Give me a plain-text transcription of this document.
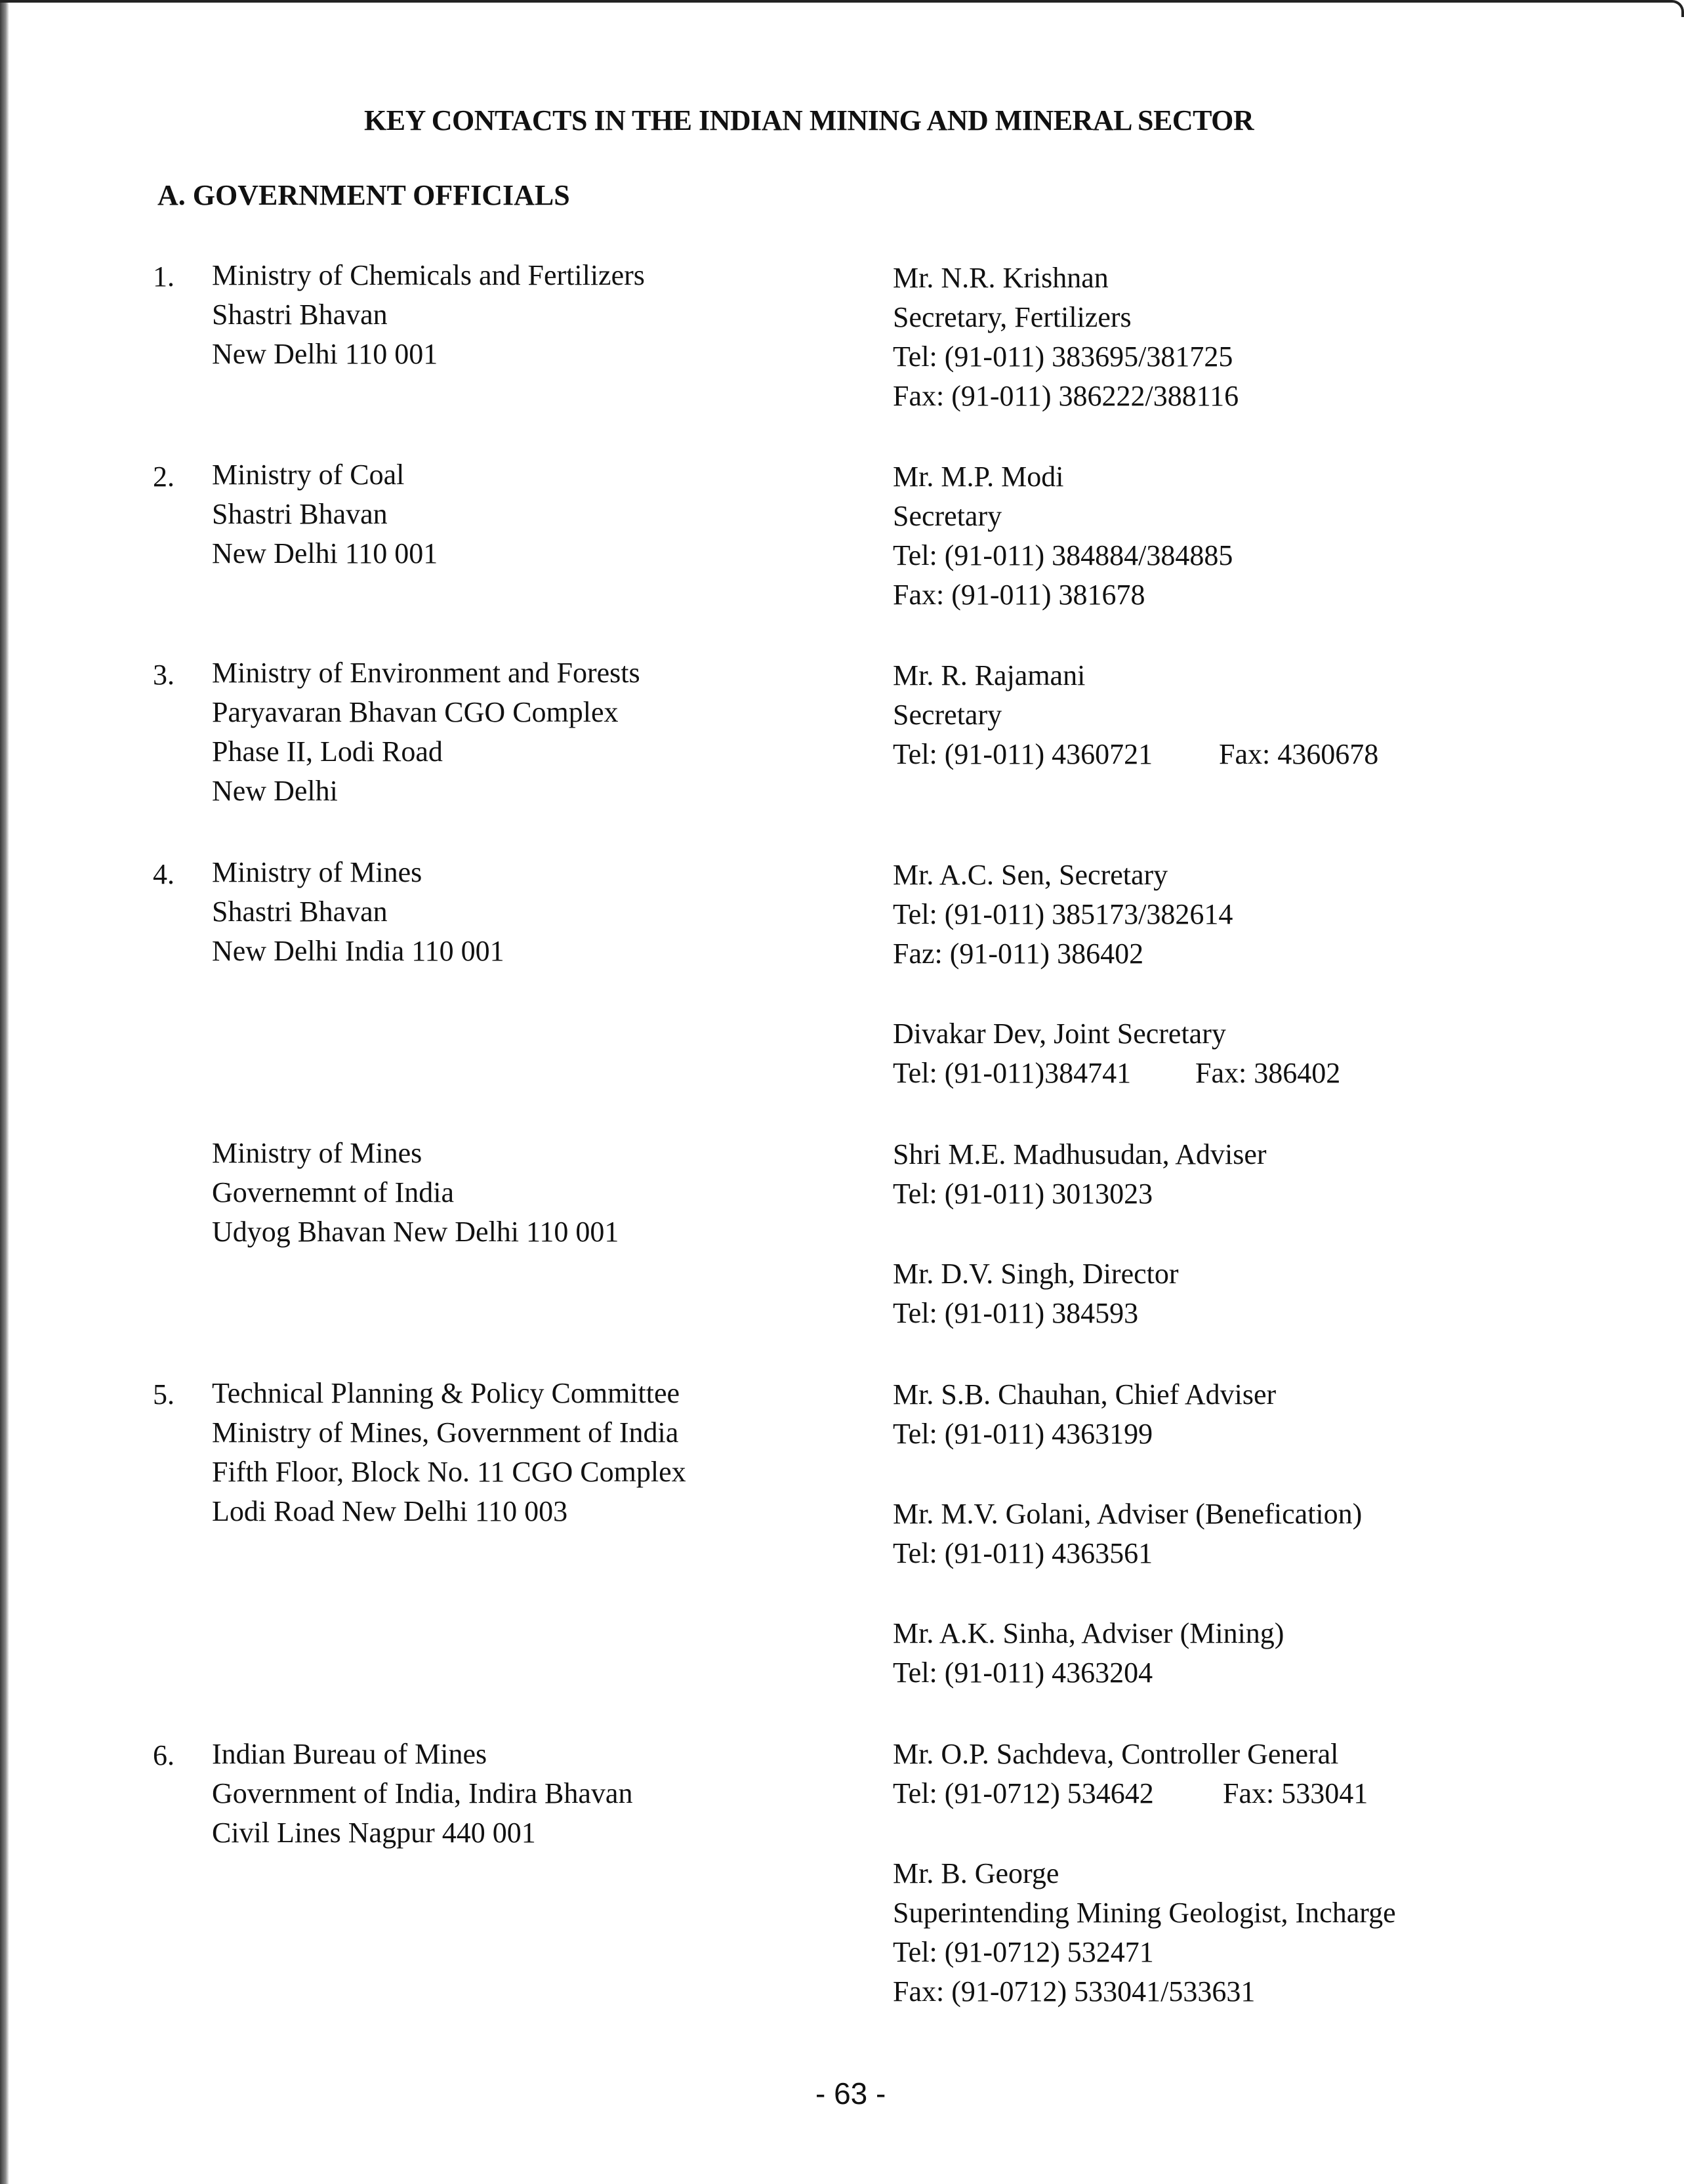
KEY CONTACTS IN THE INDIAN MINING AND MINERAL SECTOR
A. GOVERNMENT OFFICIALS
1. Ministry of Chemicals and Fertilizers
Shastri Bhavan
New Delhi 110 001
Mr. N.R. Krishnan
Secretary, Fertilizers
Tel: (91-011) 383695/381725
Fax: (91-011) 386222/388116
2. Ministry of Coal
Shastri Bhavan
New Delhi 110 001
Mr. M.P. Modi
Secretary
Tel: (91-011) 384884/384885
Fax: (91-011) 381678
3. Ministry of Environment and Forests
Paryavaran Bhavan CGO Complex
Phase II, Lodi Road
New Delhi
Mr. R. Rajamani
Secretary
Tel: (91-011) 4360721 Fax: 4360678
4. Ministry of Mines
Shastri Bhavan
New Delhi India 110 001
Mr. A.C. Sen, Secretary
Tel: (91-011) 385173/382614
Faz: (91-011) 386402
Divakar Dev, Joint Secretary
Tel: (91-011)384741 Fax: 386402
Ministry of Mines
Governemnt of India
Udyog Bhavan New Delhi 110 001
Shri M.E. Madhusudan, Adviser
Tel: (91-011) 3013023
Mr. D.V. Singh, Director
Tel: (91-011) 384593
5. Technical Planning & Policy Committee
Ministry of Mines, Government of India
Fifth Floor, Block No. 11 CGO Complex
Lodi Road New Delhi 110 003
Mr. S.B. Chauhan, Chief Adviser
Tel: (91-011) 4363199
Mr. M.V. Golani, Adviser (Benefication)
Tel: (91-011) 4363561
Mr. A.K. Sinha, Adviser (Mining)
Tel: (91-011) 4363204
6. Indian Bureau of Mines
Government of India, Indira Bhavan
Civil Lines Nagpur 440 001
Mr. O.P. Sachdeva, Controller General
Tel: (91-0712) 534642 Fax: 533041
Mr. B. George
Superintending Mining Geologist, Incharge
Tel: (91-0712) 532471
Fax: (91-0712) 533041/533631
- 63 -
